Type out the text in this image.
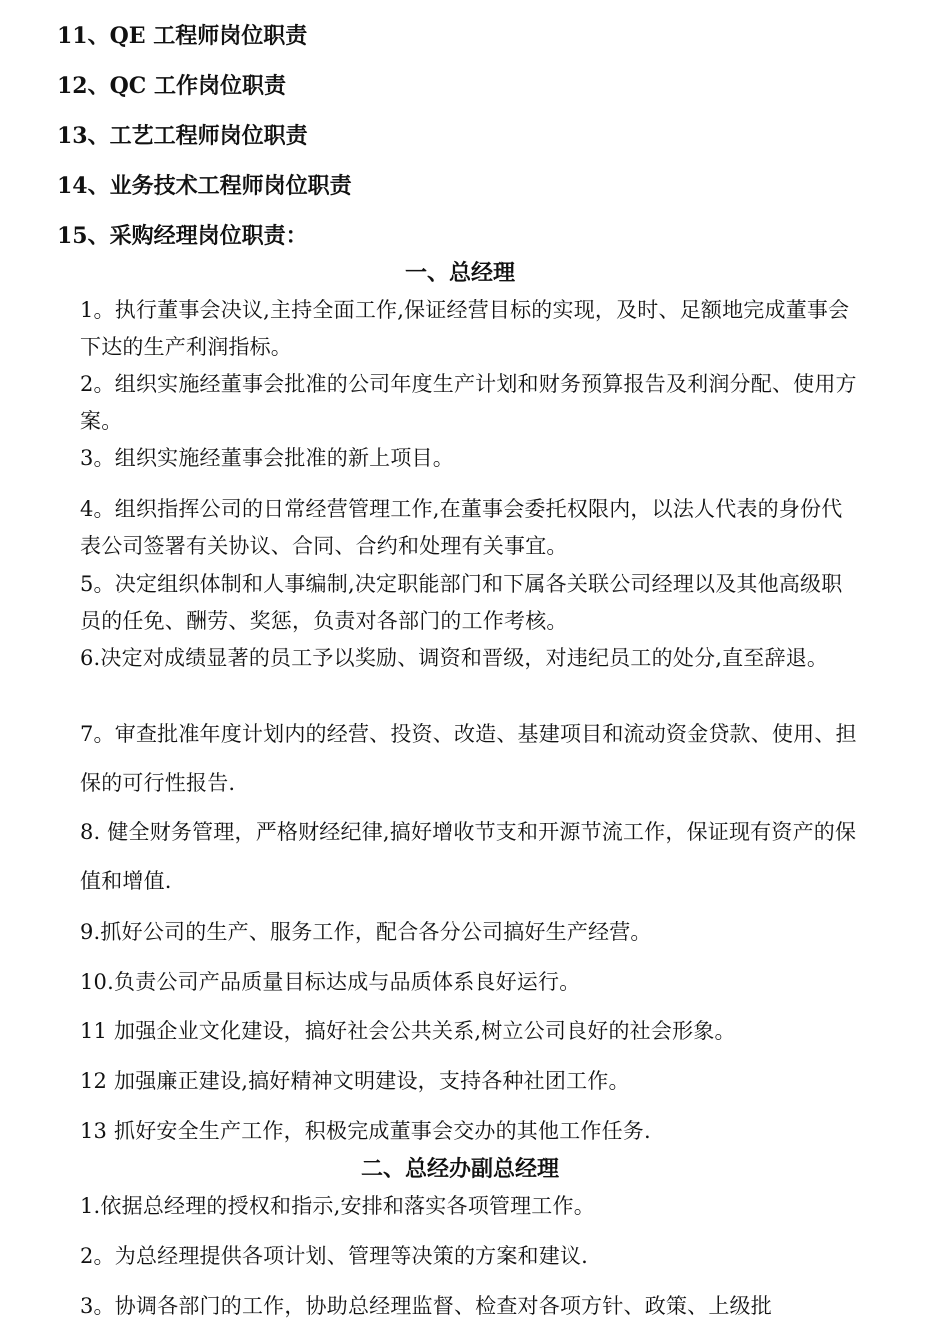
11、QE 工程师岗位职责
12、QC 工作岗位职责
13、工艺工程师岗位职责
14、业务技术工程师岗位职责
15、采购经理岗位职责：
一、总经理
1。执行董事会决议,主持全面工作,保证经营目标的实现，及时、足额地完成董事会下达的生产利润指标。
2。组织实施经董事会批准的公司年度生产计划和财务预算报告及利润分配、使用方案。
3。组织实施经董事会批准的新上项目。
4。组织指挥公司的日常经营管理工作,在董事会委托权限内，以法人代表的身份代表公司签署有关协议、合同、合约和处理有关事宜。
5。决定组织体制和人事编制,决定职能部门和下属各关联公司经理以及其他高级职员的任免、酬劳、奖惩，负责对各部门的工作考核。
6.决定对成绩显著的员工予以奖励、调资和晋级，对违纪员工的处分,直至辞退。
7。审查批准年度计划内的经营、投资、改造、基建项目和流动资金贷款、使用、担保的可行性报告.
8. 健全财务管理，严格财经纪律,搞好增收节支和开源节流工作，保证现有资产的保值和增值.
9.抓好公司的生产、服务工作，配合各分公司搞好生产经营。
10.负责公司产品质量目标达成与品质体系良好运行。
11 加强企业文化建设，搞好社会公共关系,树立公司良好的社会形象。
12 加强廉正建设,搞好精神文明建设，支持各种社团工作。
13 抓好安全生产工作，积极完成董事会交办的其他工作任务.
二、总经办副总经理
1.依据总经理的授权和指示,安排和落实各项管理工作。
2。为总经理提供各项计划、管理等决策的方案和建议.
3。协调各部门的工作，协助总经理监督、检查对各项方针、政策、上级批
